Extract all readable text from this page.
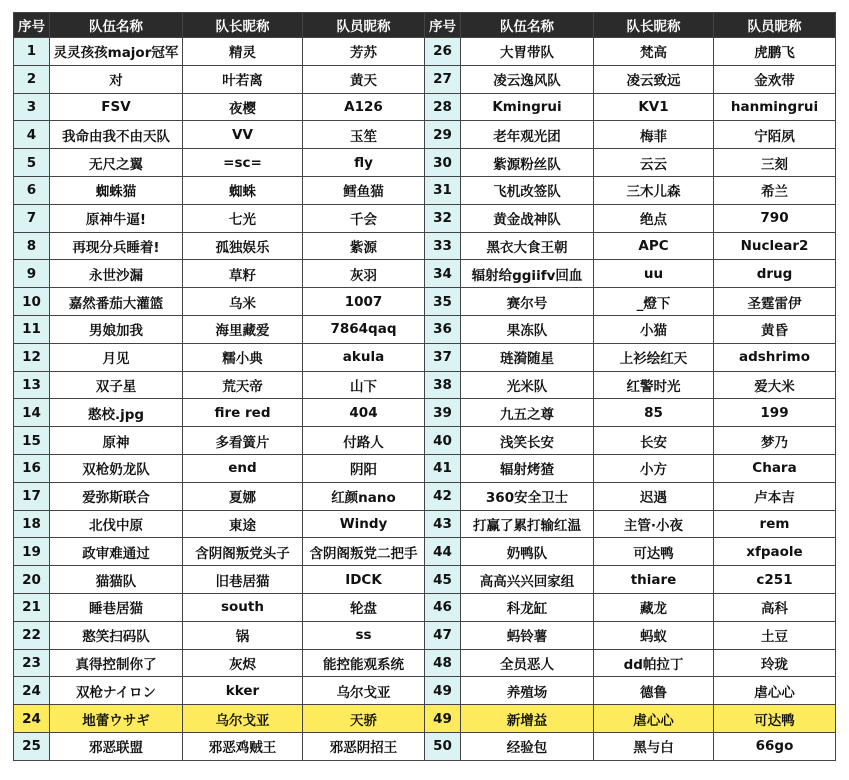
序号	队伍名称	队长昵称	队员昵称	序号	队伍名称	队长昵称	队员昵称
1	灵灵孩孩major冠军	精灵	芳苏	26	大胃带队	梵高	虎鹏飞
2	对	叶若离	黄天	27	凌云逸风队	凌云致远	金欢带
3	FSV	夜樱	A126	28	Kmingrui	KV1	hanmingrui
4	我命由我不由天队	VV	玉笙	29	老年观光团	梅菲	宁陌夙
5	无尺之翼	=sc=	fly	30	紫源粉丝队	云云	三刻
6	蜘蛛猫	蜘蛛	鳕鱼猫	31	飞机改签队	三木儿森	希兰
7	原神牛逼!	七光	千会	32	黄金战神队	绝点	790
8	再现分兵睡着!	孤独娱乐	紫源	33	黑衣大食王朝	APC	Nuclear2
9	永世沙漏	草籽	灰羽	34	辐射给ggiifv回血	uu	drug
10	嘉然番茄大灌篮	乌米	1007	35	赛尔号	_燈下	圣霆雷伊
11	男娘加我	海里藏爱	7864qaq	36	果冻队	小猫	黄昏
12	月见	糯小典	akula	37	琏漪随星	上衫绘红天	adshrimo
13	双子星	荒天帝	山下	38	光米队	红警时光	爱大米
14	憨校.jpg	fire red	404	39	九五之尊	85	199
15	原神	多看簧片	付路人	40	浅笑长安	长安	梦乃
16	双枪奶龙队	end	阴阳	41	辐射烤猹	小方	Chara
17	爱弥斯联合	夏娜	红颜nano	42	360安全卫士	迟遇	卢本吉
18	北伐中原	東途	Windy	43	打赢了累打输红温	主管·小夜	rem
19	政审难通过	含阴阁叛党头子	含阴阁叛党二把手	44	奶鸭队	可达鸭	xfpaole
20	猫猫队	旧巷居猫	IDCK	45	高高兴兴回家组	thiare	c251
21	睡巷居猫	south	轮盘	46	科龙缸	藏龙	高科
22	憨笑扫码队	锅	ss	47	蚂铃薯	蚂蚁	土豆
23	真得控制你了	灰烬	能控能观系统	48	全员恶人	dd帕拉丁	玲珑
24	双枪ナイロン	kker	乌尔戈亚	49	养殖场	德鲁	虐心心
24	地蕾ウサギ	乌尔戈亚	天骄	49	新增益	虐心心	可达鸭
25	邪恶联盟	邪恶鸡贼王	邪恶阴招王	50	经验包	黑与白	66go
